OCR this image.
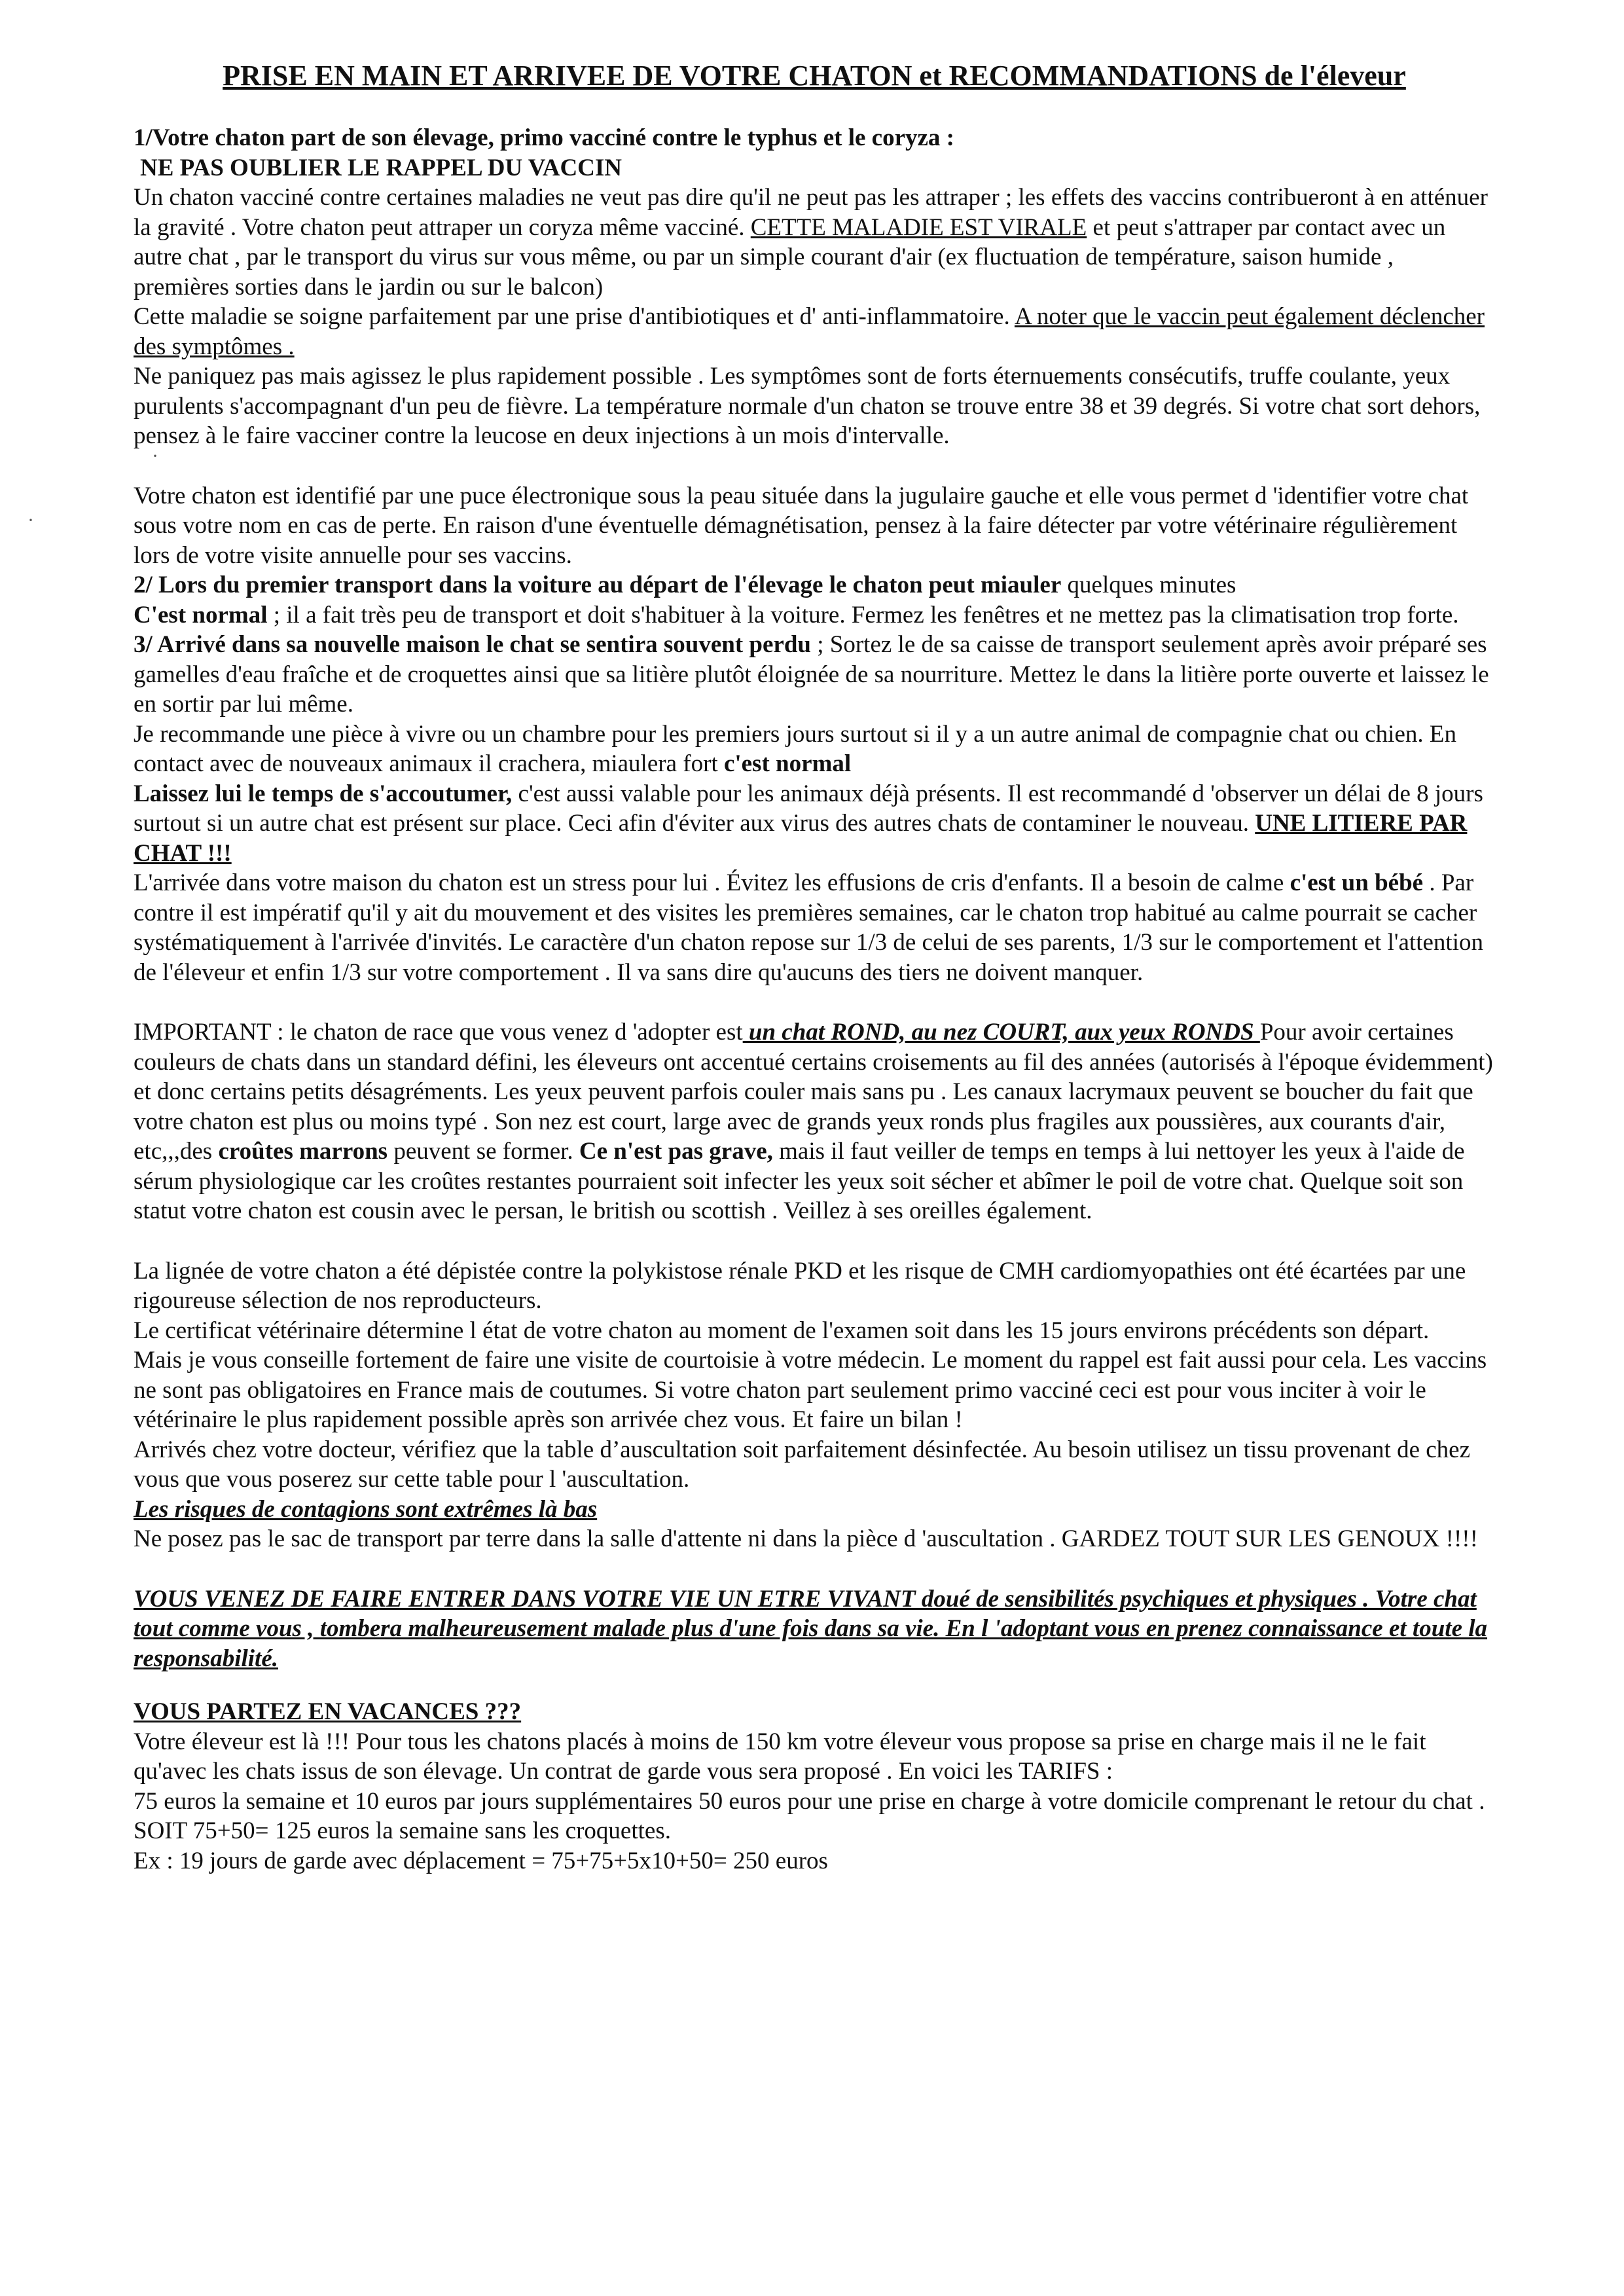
·
·
PRISE EN MAIN ET ARRIVEE DE VOTRE CHATON et RECOMMANDATIONS de l'éleveur

1/Votre chaton part de son élevage, primo vacciné contre le typhus et le coryza :

NE PAS OUBLIER LE RAPPEL DU VACCIN

Un chaton vacciné contre certaines maladies ne veut pas dire qu'il ne peut pas les attraper ; les effets des vaccins contribueront à en atténuer la gravité . Votre chaton peut attraper un coryza même vacciné. CETTE MALADIE EST VIRALE et peut s'attraper par contact avec un autre chat , par le transport du virus sur vous même, ou par un simple courant d'air (ex fluctuation de température, saison humide , premières sorties dans le jardin ou sur le balcon)

Cette maladie se soigne parfaitement par une prise d'antibiotiques et d' anti-inflammatoire. A noter que le vaccin peut également déclencher des symptômes .

Ne paniquez pas mais agissez le plus rapidement possible . Les symptômes sont de forts éternuements consécutifs, truffe coulante, yeux purulents s'accompagnant d'un peu de fièvre. La température normale d'un chaton se trouve entre 38 et 39 degrés. Si votre chat sort dehors, pensez à le faire vacciner contre la leucose en deux injections à un mois d'intervalle.

Votre chaton est identifié par une puce électronique sous la peau située dans la jugulaire gauche et elle vous permet d 'identifier votre chat sous votre nom en cas de perte. En raison d'une éventuelle démagnétisation, pensez à la faire détecter par votre vétérinaire régulièrement lors de votre visite annuelle pour ses vaccins.

2/ Lors du premier transport dans la voiture au départ de l'élevage le chaton peut miauler quelques minutes
C'est normal ; il a fait très peu de transport et doit s'habituer à la voiture. Fermez les fenêtres et ne mettez pas la climatisation trop forte.

3/ Arrivé dans sa nouvelle maison le chat se sentira souvent perdu ; Sortez le de sa caisse de transport seulement après avoir préparé ses gamelles d'eau fraîche et de croquettes ainsi que sa litière plutôt éloignée de sa nourriture. Mettez le dans la litière porte ouverte et laissez le en sortir par lui même.

Je recommande une pièce à vivre ou un chambre pour les premiers jours surtout si il y a un autre animal de compagnie chat ou chien. En contact avec de nouveaux animaux il crachera, miaulera fort c'est normal

Laissez lui le temps de s'accoutumer, c'est aussi valable pour les animaux déjà présents. Il est recommandé d 'observer un délai de 8 jours surtout si un autre chat est présent sur place. Ceci afin d'éviter aux virus des autres chats de contaminer le nouveau. UNE LITIERE PAR CHAT !!!

L'arrivée dans votre maison du chaton est un stress pour lui . Évitez les effusions de cris d'enfants. Il a besoin de calme c'est un bébé . Par contre il est impératif qu'il y ait du mouvement et des visites les premières semaines, car le chaton trop habitué au calme pourrait se cacher systématiquement à l'arrivée d'invités. Le caractère d'un chaton repose sur 1/3 de celui de ses parents, 1/3 sur le comportement et l'attention de l'éleveur et enfin 1/3 sur votre comportement . Il va sans dire qu'aucuns des tiers ne doivent manquer.

IMPORTANT : le chaton de race que vous venez d 'adopter est un chat ROND, au nez COURT, aux yeux RONDS Pour avoir certaines couleurs de chats dans un standard défini, les éleveurs ont accentué certains croisements au fil des années (autorisés à l'époque évidemment) et donc certains petits désagréments. Les yeux peuvent parfois couler mais sans pu . Les canaux lacrymaux peuvent se boucher du fait que votre chaton est plus ou moins typé . Son nez est court, large avec de grands yeux ronds plus fragiles aux poussières, aux courants d'air, etc,,,des croûtes marrons peuvent se former. Ce n'est pas grave, mais il faut veiller de temps en temps à lui nettoyer les yeux à l'aide de sérum physiologique car les croûtes restantes pourraient soit infecter les yeux soit sécher et abîmer le poil de votre chat. Quelque soit son statut votre chaton est cousin avec le persan, le british ou scottish . Veillez à ses oreilles également.

La lignée de votre chaton a été dépistée contre la polykistose rénale PKD et les risque de CMH cardiomyopathies ont été écartées par une rigoureuse sélection de nos reproducteurs.

Le certificat vétérinaire détermine l état de votre chaton au moment de l'examen soit dans les 15 jours environs précédents son départ.

Mais je vous conseille fortement de faire une visite de courtoisie à votre médecin. Le moment du rappel est fait aussi pour cela. Les vaccins ne sont pas obligatoires en France mais de coutumes. Si votre chaton part seulement primo vacciné ceci est pour vous inciter à voir le vétérinaire le plus rapidement possible après son arrivée chez vous. Et faire un bilan !

Arrivés chez votre docteur, vérifiez que la table d’auscultation soit parfaitement désinfectée. Au besoin utilisez un tissu provenant de chez vous que vous poserez sur cette table pour l 'auscultation.

Les risques de contagions sont extrêmes là bas

Ne posez pas le sac de transport par terre dans la salle d'attente ni dans la pièce d 'auscultation . GARDEZ TOUT SUR LES GENOUX !!!!

VOUS VENEZ DE FAIRE ENTRER DANS VOTRE VIE UN ETRE VIVANT doué de sensibilités psychiques et physiques . Votre chat tout comme vous , tombera malheureusement malade plus d'une fois dans sa vie. En l 'adoptant vous en prenez connaissance et toute la responsabilité.

VOUS PARTEZ EN VACANCES ???

Votre éleveur est là !!! Pour tous les chatons placés à moins de 150 km votre éleveur vous propose sa prise en charge mais il ne le fait qu'avec les chats issus de son élevage. Un contrat de garde vous sera proposé . En voici les TARIFS :

75 euros la semaine et 10 euros par jours supplémentaires 50 euros pour une prise en charge à votre domicile comprenant le retour du chat . SOIT 75+50= 125 euros la semaine sans les croquettes.

Ex : 19 jours de garde avec déplacement = 75+75+5x10+50= 250 euros
